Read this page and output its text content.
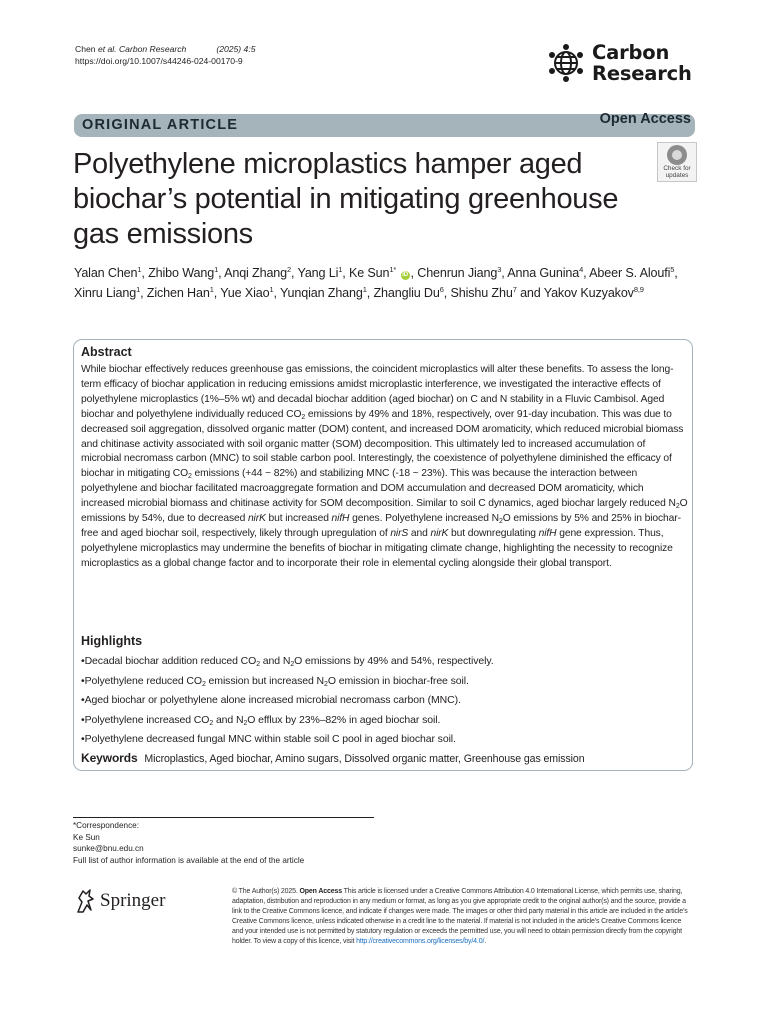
Chen et al. Carbon Research	(2025) 4:5
https://doi.org/10.1007/s44246-024-00170-9	Carbon
Research
ORIGINAL ARTICLE	Open Access
Check for
updates
Polyethylene microplastics hamper aged biochar’s potential in mitigating greenhouse gas emissions
Yalan Chen$^1$, Zhibo Wang$^1$, Anqi Zhang$^2$, Yang Li$^1$, Ke Sun$^{1*}$ iD , Chenrun Jiang$^3$, Anna Gunina$^4$, Abeer S. Aloufi$^5$, Xinru Liang$^1$, Zichen Han$^1$, Yue Xiao$^1$, Yunqian Zhang$^1$, Zhangliu Du$^6$, Shishu Zhu$^7$ and Yakov Kuzyakov$^{8,9}$
Abstract
While biochar effectively reduces greenhouse gas emissions, the coincident microplastics will alter these benefits. To assess the long-term efficacy of biochar application in reducing emissions amidst microplastic interference, we investigated the interactive effects of polyethylene microplastics (1%–5% wt) and decadal biochar addition (aged biochar) on C and N stability in a Fluvic Cambisol. Aged biochar and polyethylene individually reduced $CO_2$ emissions by 49% and 18%, respectively, over 91-day incubation. This was due to decreased soil aggregation, dissolved organic matter (DOM) content, and increased DOM aromaticity, which reduced microbial biomass and chitinase activity associated with soil organic matter (SOM) decomposition. This ultimately led to increased accumulation of microbial necromass carbon (MNC) to soil stable carbon pool. Interestingly, the coexistence of polyethylene diminished the efficacy of biochar in mitigating $CO_2$ emissions (+44 ~ 82%) and stabilizing MNC (-18 ~ 23%). This was because the interaction between polyethylene and biochar facilitated macroaggregate formation and DOM accumulation and decreased DOM aromaticity, which increased microbial biomass and chitinase activity for SOM decomposition. Similar to soil C dynamics, aged biochar largely reduced $N_2O$ emissions by 54%, due to decreased nirK but increased nifH genes. Polyethylene increased $N_2O$ emissions by 5% and 25% in biochar-free and aged biochar soil, respectively, likely through upregulation of nirS and nirK but downregulating nifH gene expression. Thus, polyethylene microplastics may undermine the benefits of biochar in mitigating climate change, highlighting the necessity to recognize microplastics as a global change factor and to incorporate their role in elemental cycling alongside their global transport.
Highlights
• Decadal biochar addition reduced $CO_2$ and $N_2O$ emissions by 49% and 54%, respectively.
• Polyethylene reduced $CO_2$ emission but increased $N_2O$ emission in biochar-free soil.
• Aged biochar or polyethylene alone increased microbial necromass carbon (MNC).
• Polyethylene increased $CO_2$ and $N_2O$ efflux by 23%–82% in aged biochar soil.
• Polyethylene decreased fungal MNC within stable soil C pool in aged biochar soil.
Keywords Microplastics, Aged biochar, Amino sugars, Dissolved organic matter, Greenhouse gas emission
*Correspondence:
Ke Sun
sunke@bnu.edu.cn
Full list of author information is available at the end of the article
Springer	© The Author(s) 2025. Open Access This article is licensed under a Creative Commons Attribution 4.0 International License, which permits use, sharing, adaptation, distribution and reproduction in any medium or format, as long as you give appropriate credit to the original author(s) and the source, provide a link to the Creative Commons licence, and indicate if changes were made. The images or other third party material in this article are included in the article’s Creative Commons licence, unless indicated otherwise in a credit line to the material. If material is not included in the article’s Creative Commons licence and your intended use is not permitted by statutory regulation or exceeds the permitted use, you will need to obtain permission directly from the copyright holder. To view a copy of this licence, visit http://creativecommons.org/licenses/by/4.0/.
